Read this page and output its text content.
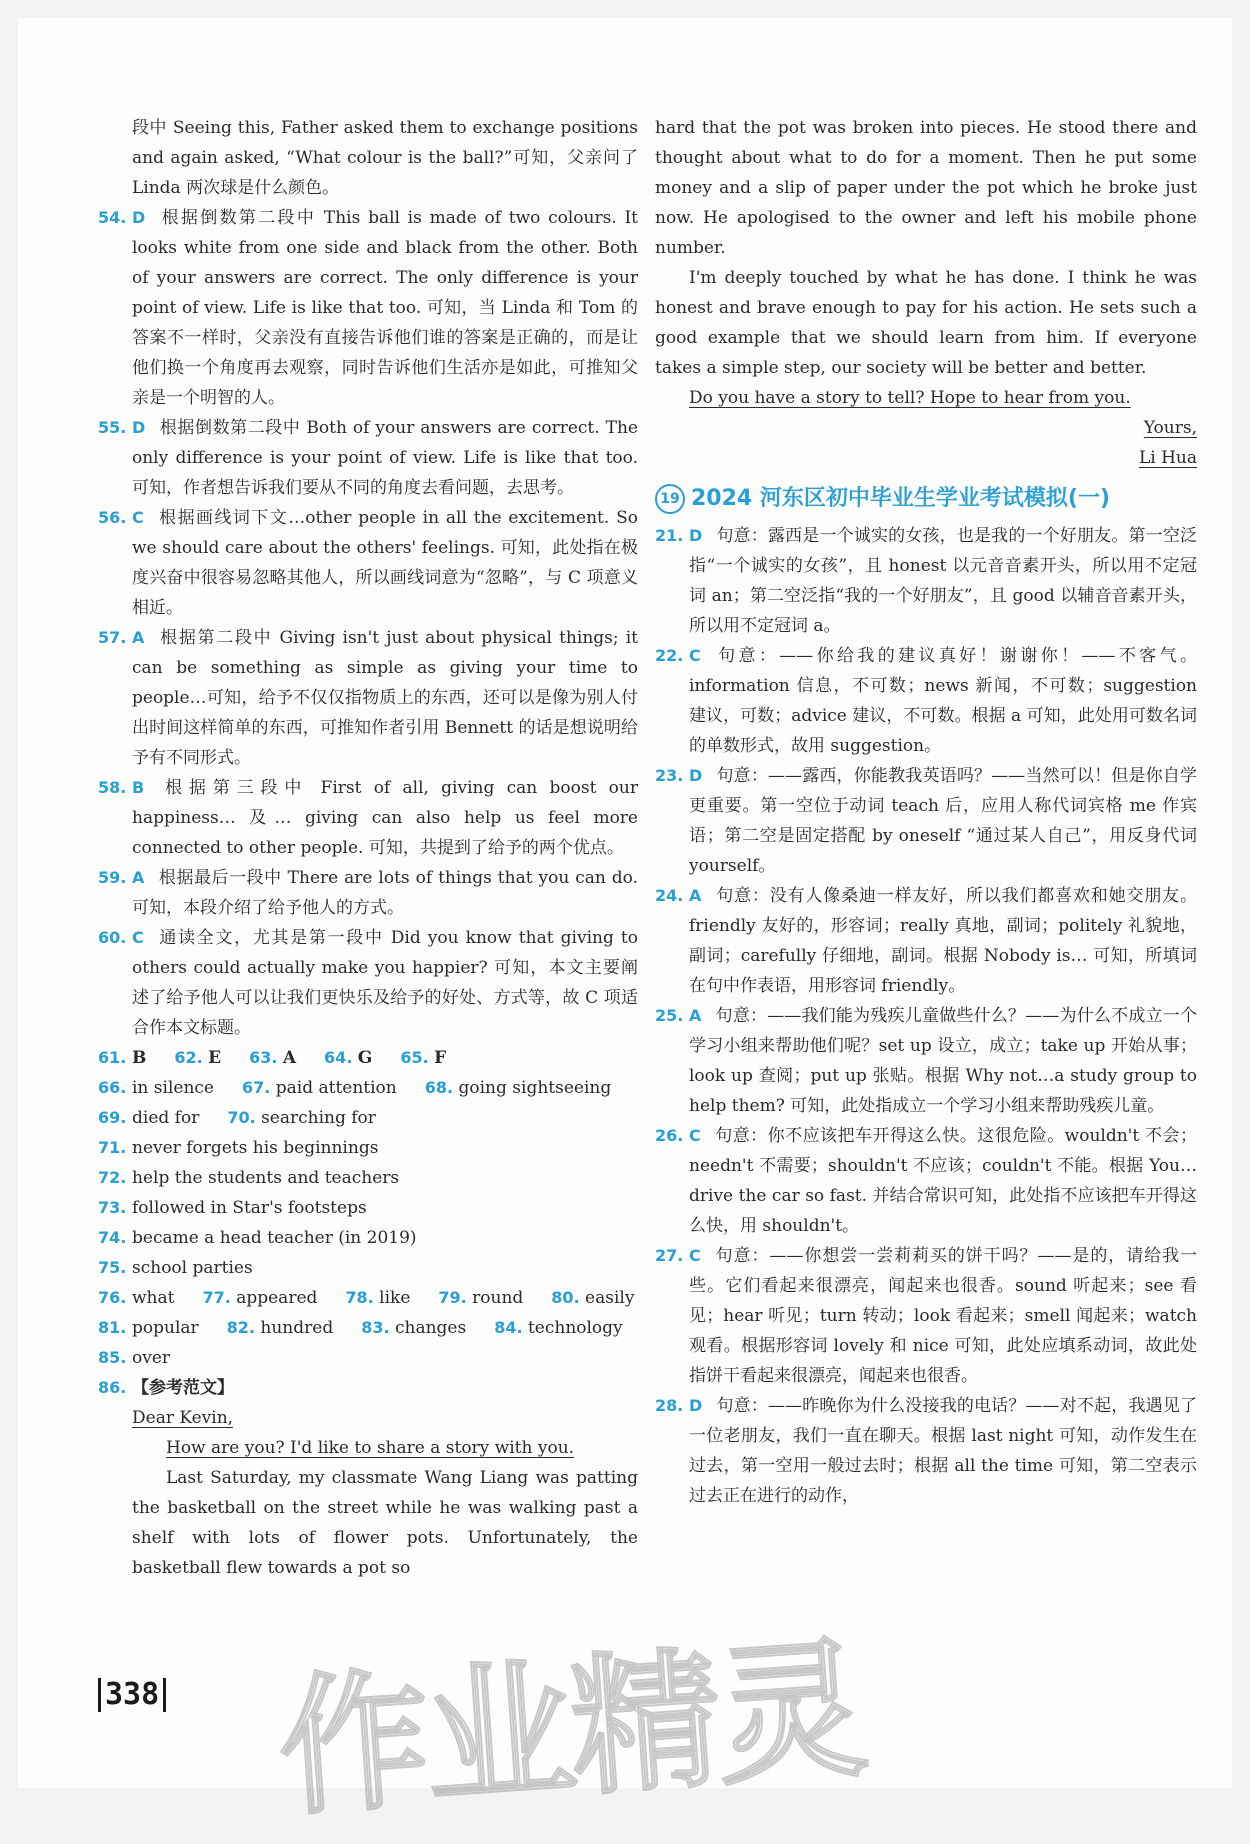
段中 Seeing this, Father asked them to exchange positions and again asked, “What colour is the ball?”可知，父亲问了 Linda 两次球是什么颜色。
54. D 根据倒数第二段中 This ball is made of two colours. It looks white from one side and black from the other. Both of your answers are correct. The only difference is your point of view. Life is like that too. 可知，当 Linda 和 Tom 的答案不一样时，父亲没有直接告诉他们谁的答案是正确的，而是让他们换一个角度再去观察，同时告诉他们生活亦是如此，可推知父亲是一个明智的人。
55. D 根据倒数第二段中 Both of your answers are correct. The only difference is your point of view. Life is like that too. 可知，作者想告诉我们要从不同的角度去看问题，去思考。
56. C 根据画线词下文…other people in all the excitement. So we should care about the others' feelings. 可知，此处指在极度兴奋中很容易忽略其他人，所以画线词意为“忽略”，与 C 项意义相近。
57. A 根据第二段中 Giving isn't just about physical things; it can be something as simple as giving your time to people…可知，给予不仅仅指物质上的东西，还可以是像为别人付出时间这样简单的东西，可推知作者引用 Bennett 的话是想说明给予有不同形式。
58. B 根据第三段中 First of all, giving can boost our happiness… 及… giving can also help us feel more connected to other people. 可知，共提到了给予的两个优点。
59. A 根据最后一段中 There are lots of things that you can do. 可知，本段介绍了给予他人的方式。
60. C 通读全文，尤其是第一段中 Did you know that giving to others could actually make you happier? 可知，本文主要阐述了给予他人可以让我们更快乐及给予的好处、方式等，故 C 项适合作本文标题。
61. B 62. E 63. A 64. G 65. F
66. in silence 67. paid attention 68. going sightseeing
69. died for 70. searching for
71. never forgets his beginnings
72. help the students and teachers
73. followed in Star's footsteps
74. became a head teacher (in 2019)
75. school parties
76. what 77. appeared 78. like 79. round 80. easily
81. popular 82. hundred 83. changes 84. technology
85. over
86. 【参考范文】
Dear Kevin,
How are you? I'd like to share a story with you.
Last Saturday, my classmate Wang Liang was patting the basketball on the street while he was walking past a shelf with lots of flower pots. Unfortunately, the basketball flew towards a pot so
hard that the pot was broken into pieces. He stood there and thought about what to do for a moment. Then he put some money and a slip of paper under the pot which he broke just now. He apologised to the owner and left his mobile phone number.
I'm deeply touched by what he has done. I think he was honest and brave enough to pay for his action. He sets such a good example that we should learn from him. If everyone takes a simple step, our society will be better and better.
Do you have a story to tell? Hope to hear from you.
Yours,
Li Hua
19 2024 河东区初中毕业生学业考试模拟(一)
21. D 句意：露西是一个诚实的女孩，也是我的一个好朋友。第一空泛指“一个诚实的女孩”，且 honest 以元音音素开头，所以用不定冠词 an；第二空泛指“我的一个好朋友”，且 good 以辅音音素开头，所以用不定冠词 a。
22. C 句意：——你给我的建议真好！谢谢你！——不客气。information 信息，不可数；news 新闻，不可数；suggestion 建议，可数；advice 建议，不可数。根据 a 可知，此处用可数名词的单数形式，故用 suggestion。
23. D 句意：——露西，你能教我英语吗？——当然可以！但是你自学更重要。第一空位于动词 teach 后，应用人称代词宾格 me 作宾语；第二空是固定搭配 by oneself “通过某人自己”，用反身代词 yourself。
24. A 句意：没有人像桑迪一样友好，所以我们都喜欢和她交朋友。friendly 友好的，形容词；really 真地，副词；politely 礼貌地，副词；carefully 仔细地，副词。根据 Nobody is… 可知，所填词在句中作表语，用形容词 friendly。
25. A 句意：——我们能为残疾儿童做些什么？——为什么不成立一个学习小组来帮助他们呢？set up 设立，成立；take up 开始从事；look up 查阅；put up 张贴。根据 Why not…a study group to help them? 可知，此处指成立一个学习小组来帮助残疾儿童。
26. C 句意：你不应该把车开得这么快。这很危险。wouldn't 不会；needn't 不需要；shouldn't 不应该；couldn't 不能。根据 You…drive the car so fast. 并结合常识可知，此处指不应该把车开得这么快，用 shouldn't。
27. C 句意：——你想尝一尝莉莉买的饼干吗？——是的，请给我一些。它们看起来很漂亮，闻起来也很香。sound 听起来；see 看见；hear 听见；turn 转动；look 看起来；smell 闻起来；watch 观看。根据形容词 lovely 和 nice 可知，此处应填系动词，故此处指饼干看起来很漂亮，闻起来也很香。
28. D 句意：——昨晚你为什么没接我的电话？——对不起，我遇见了一位老朋友，我们一直在聊天。根据 last night 可知，动作发生在过去，第一空用一般过去时；根据 all the time 可知，第二空表示过去正在进行的动作，
338 作业精灵
